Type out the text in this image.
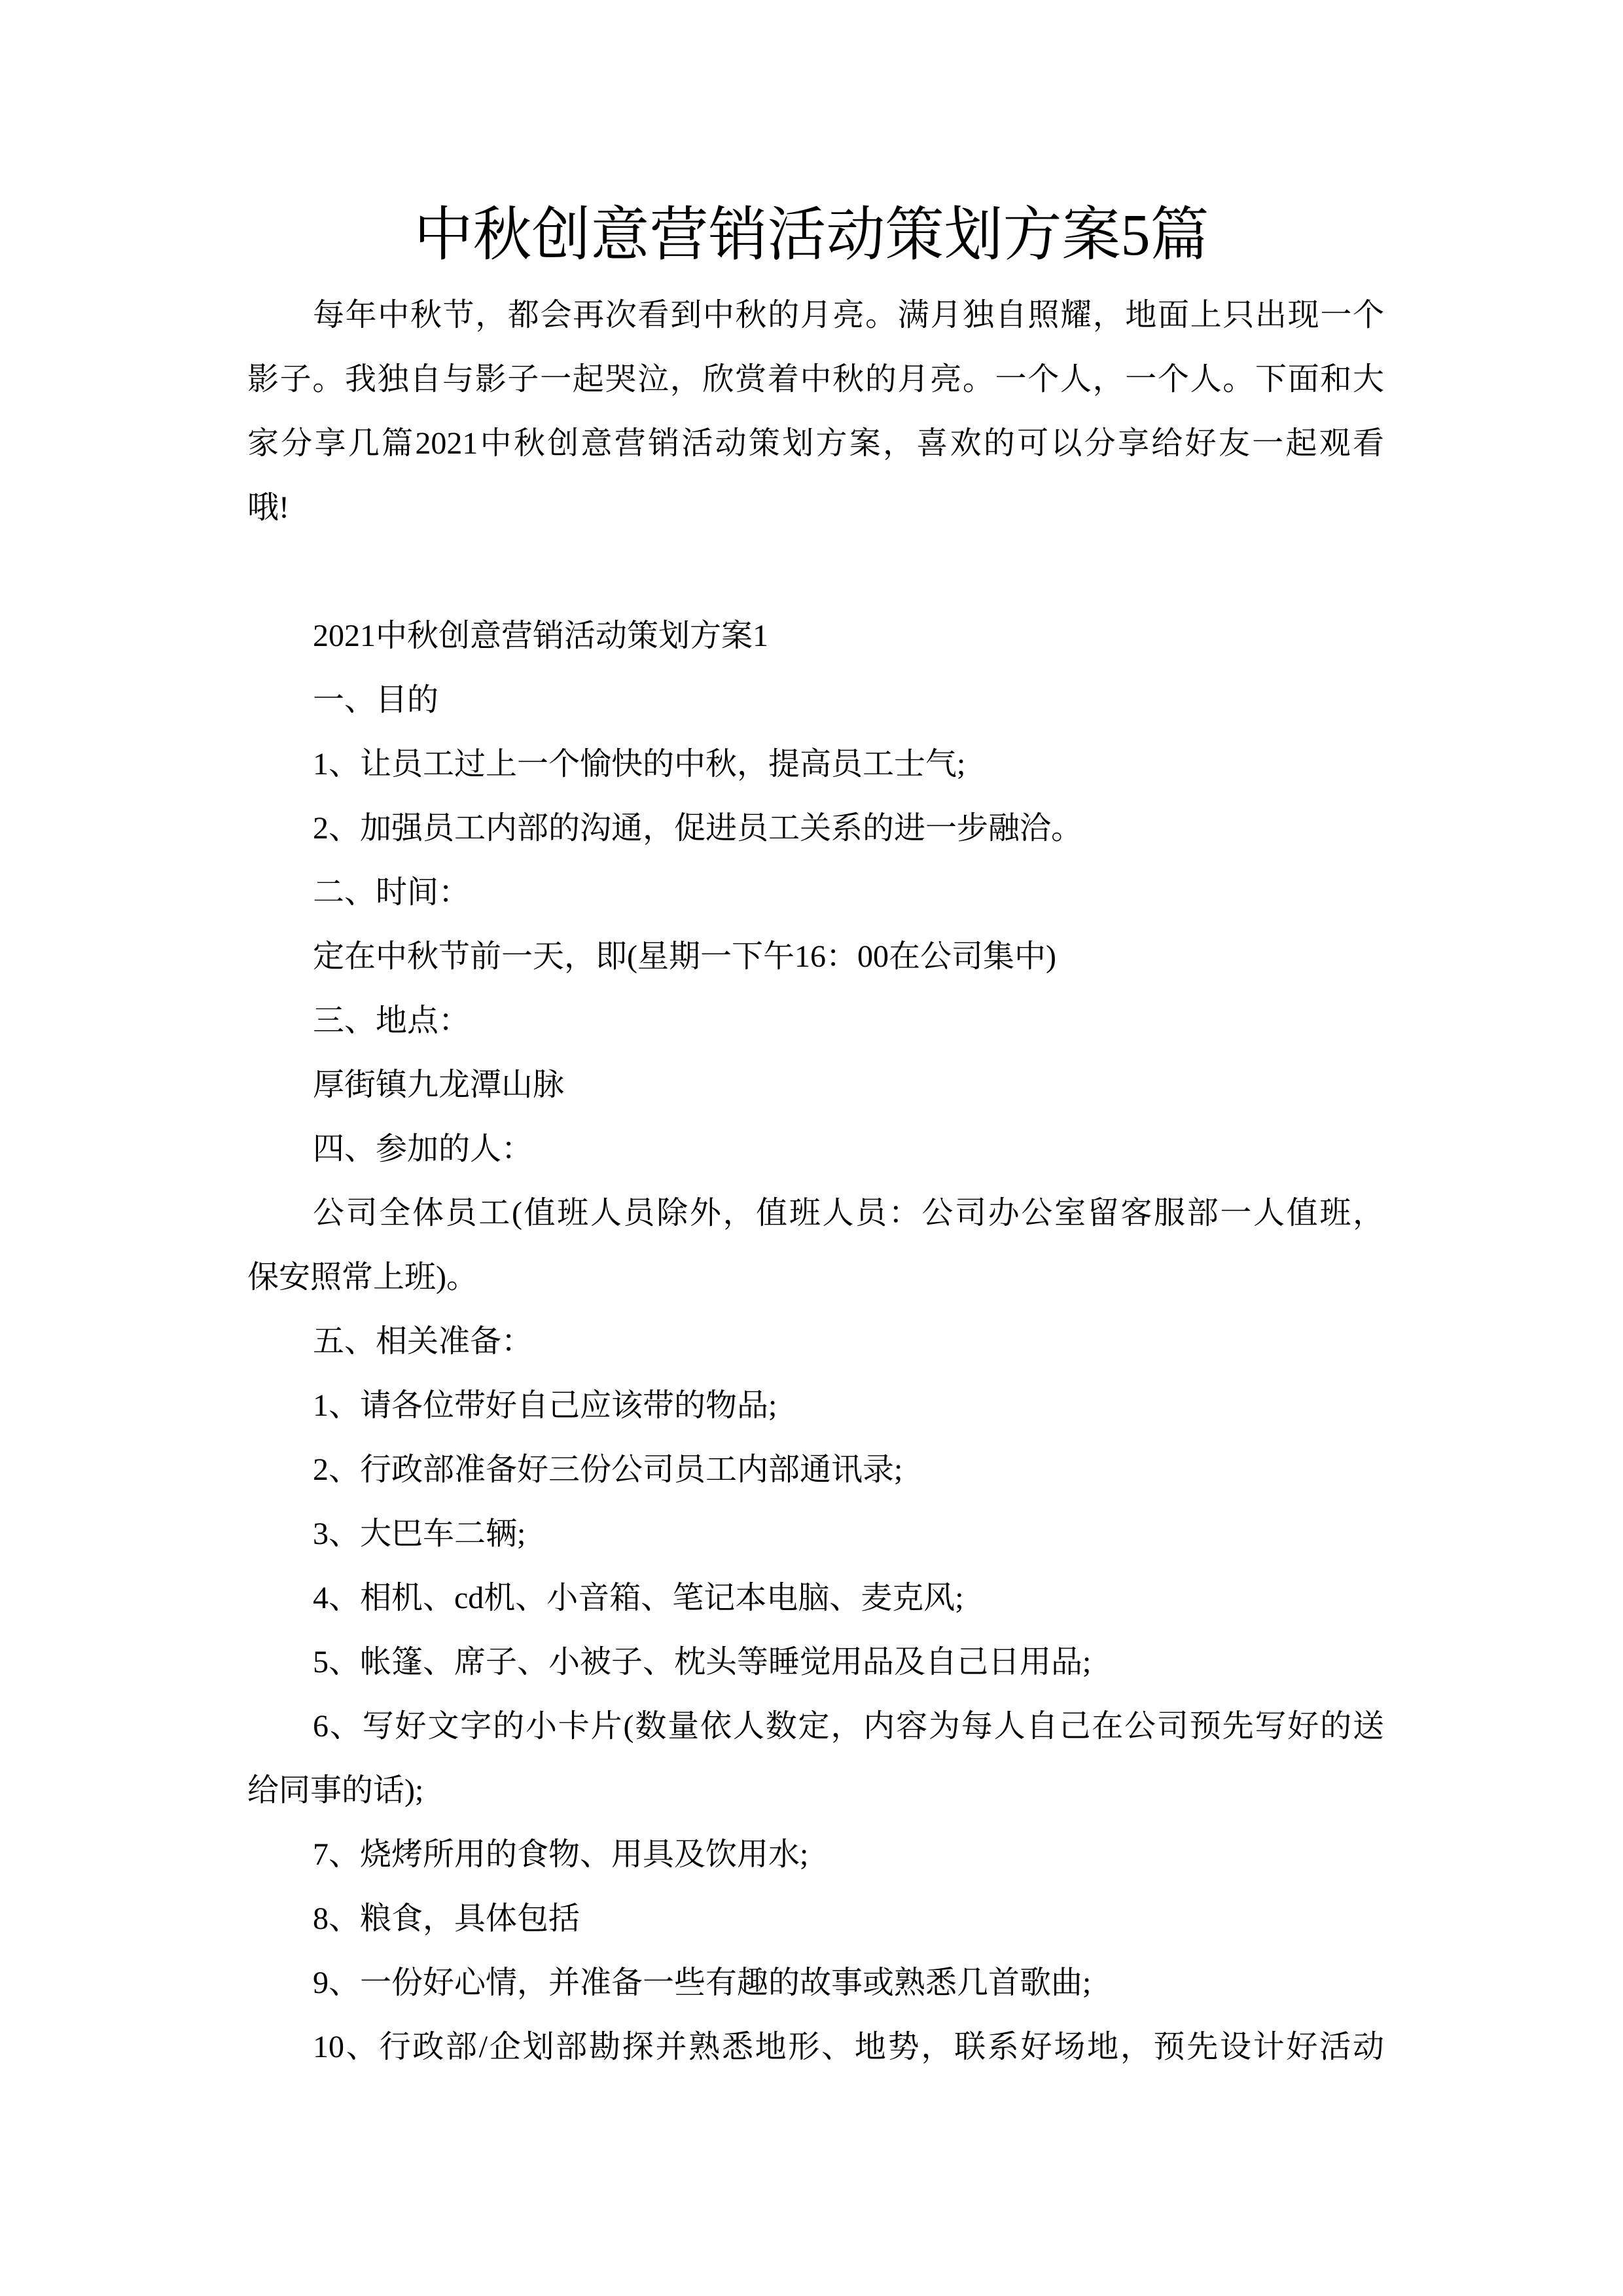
中秋创意营销活动策划方案5篇
每年中秋节，都会再次看到中秋的月亮。满月独自照耀，地面上只出现一个
影子。我独自与影子一起哭泣，欣赏着中秋的月亮。一个人，一个人。下面和大
家分享几篇2021中秋创意营销活动策划方案，喜欢的可以分享给好友一起观看
哦!
2021中秋创意营销活动策划方案1
一、目的
1、让员工过上一个愉快的中秋，提高员工士气;
2、加强员工内部的沟通，促进员工关系的进一步融洽。
二、时间：
定在中秋节前一天，即(星期一下午16：00在公司集中)
三、地点：
厚街镇九龙潭山脉
四、参加的人：
公司全体员工(值班人员除外，值班人员：公司办公室留客服部一人值班，
保安照常上班)。
五、相关准备：
1、请各位带好自己应该带的物品;
2、行政部准备好三份公司员工内部通讯录;
3、大巴车二辆;
4、相机、cd机、小音箱、笔记本电脑、麦克风;
5、帐篷、席子、小被子、枕头等睡觉用品及自己日用品;
6、写好文字的小卡片(数量依人数定，内容为每人自己在公司预先写好的送
给同事的话);
7、烧烤所用的食物、用具及饮用水;
8、粮食，具体包括
9、一份好心情，并准备一些有趣的故事或熟悉几首歌曲;
10、行政部/企划部勘探并熟悉地形、地势，联系好场地，预先设计好活动
